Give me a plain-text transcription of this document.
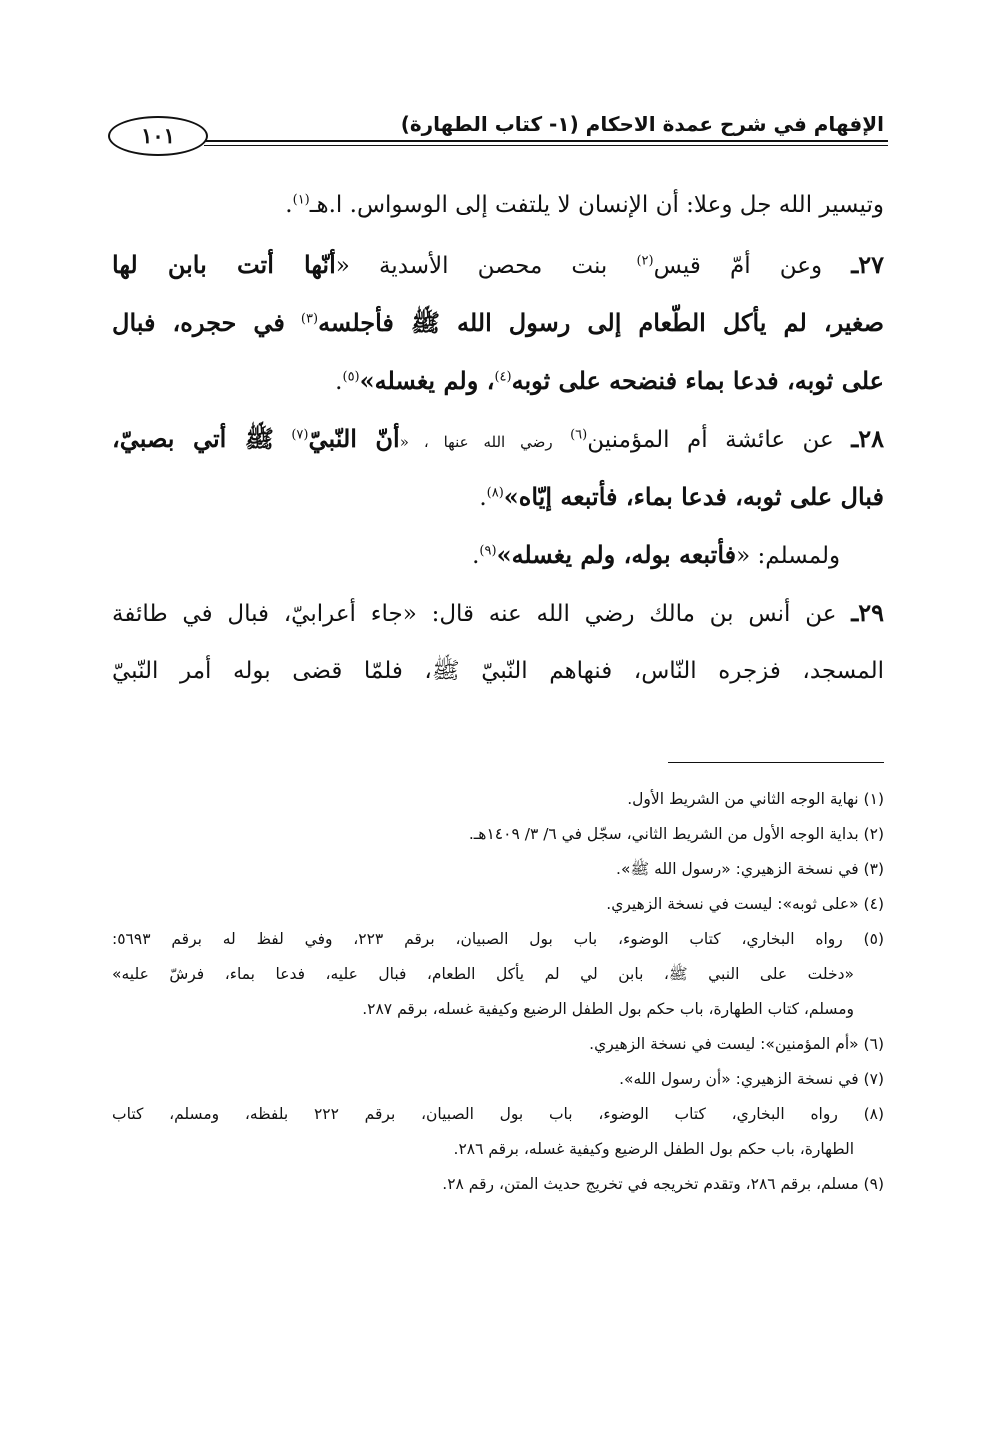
الإفهام في شرح عمدة الاحكام (١- كتاب الطهارة)
١٠١
وتيسير الله جل وعلا: أن الإنسان لا يلتفت إلى الوسواس. ا.هـ$^{(١)}$.
٢٧ـ وعن أمّ قيس$^{(٢)}$ بنت محصن الأسدية «أنّها أتت بابن لها
صغير، لم يأكل الطّعام إلى رسول الله ﷺ فأجلسه$^{(٣)}$ في حجره، فبال
على ثوبه، فدعا بماء فنضحه على ثوبه$^{(٤)}$، ولم يغسله»$^{(٥)}$.
٢٨ـ عن عائشة أم المؤمنين$^{(٦)}$ رضي الله عنها ، «أنّ النّبيّ$^{(٧)}$ ﷺ أتي بصبيّ،
فبال على ثوبه، فدعا بماء، فأتبعه إيّاه»$^{(٨)}$.
ولمسلم: «فأتبعه بوله، ولم يغسله»$^{(٩)}$.
٢٩ـ عن أنس بن مالك رضي الله عنه قال: «جاء أعرابيّ، فبال في طائفة
المسجد، فزجره النّاس، فنهاهم النّبيّ ﷺ، فلمّا قضى بوله أمر النّبيّ
(١) نهاية الوجه الثاني من الشريط الأول.
(٢) بداية الوجه الأول من الشريط الثاني، سجّل في ٦/ ٣/ ١٤٠٩هـ.
(٣) في نسخة الزهيري: «رسول الله ﷺ».
(٤) «على ثوبه»: ليست في نسخة الزهيري.
(٥) رواه البخاري، كتاب الوضوء، باب بول الصبيان، برقم ٢٢٣، وفي لفظ له برقم ٥٦٩٣:
«دخلت على النبي ﷺ، بابن لي لم يأكل الطعام، فبال عليه، فدعا بماء، فرشّ عليه»
ومسلم، كتاب الطهارة، باب حكم بول الطفل الرضيع وكيفية غسله، برقم ٢٨٧.
(٦) «أم المؤمنين»: ليست في نسخة الزهيري.
(٧) في نسخة الزهيري: «أن رسول الله».
(٨) رواه البخاري، كتاب الوضوء، باب بول الصبيان، برقم ٢٢٢ بلفظه، ومسلم، كتاب
الطهارة، باب حكم بول الطفل الرضيع وكيفية غسله، برقم ٢٨٦.
(٩) مسلم، برقم ٢٨٦، وتقدم تخريجه في تخريج حديث المتن، رقم ٢٨.
